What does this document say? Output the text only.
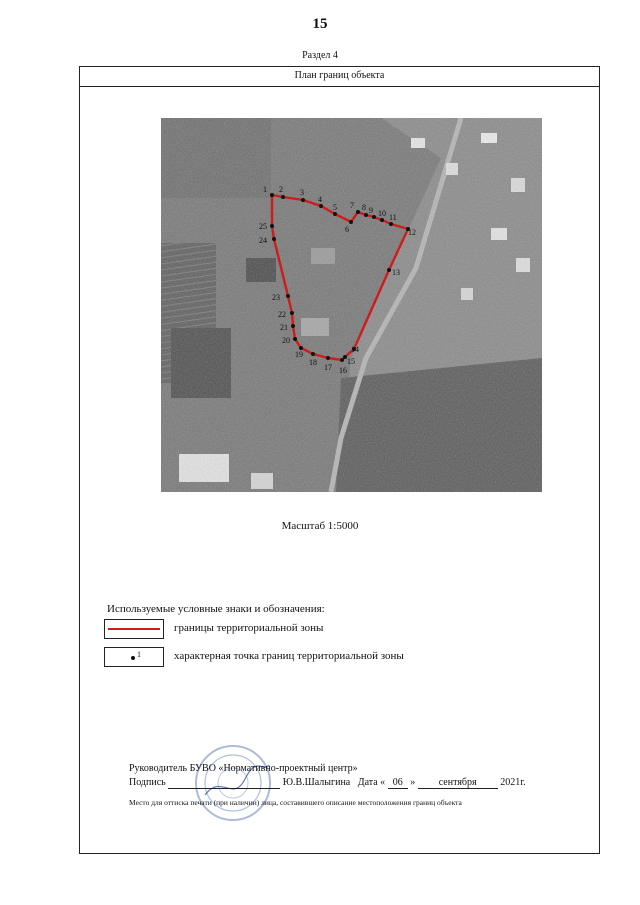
15
Раздел 4
План границ объекта
1 2 3
4
5
6
7 8 9 10 11
12
13
14
15
16
17
18
19
20
21
22
23
24
25
Масштаб 1:5000
Используемые условные знаки и обозначения:
границы территориальной зоны
1	характерная точка границ территориальной зоны
Руководитель БУВО «Нормативно-проектный центр»
Подпись	Ю.В.Шалыгина Дата « 06 » сентября 2021г.
Место для оттиска печати (при наличии) лица, составившего описание местоположения границ объекта
